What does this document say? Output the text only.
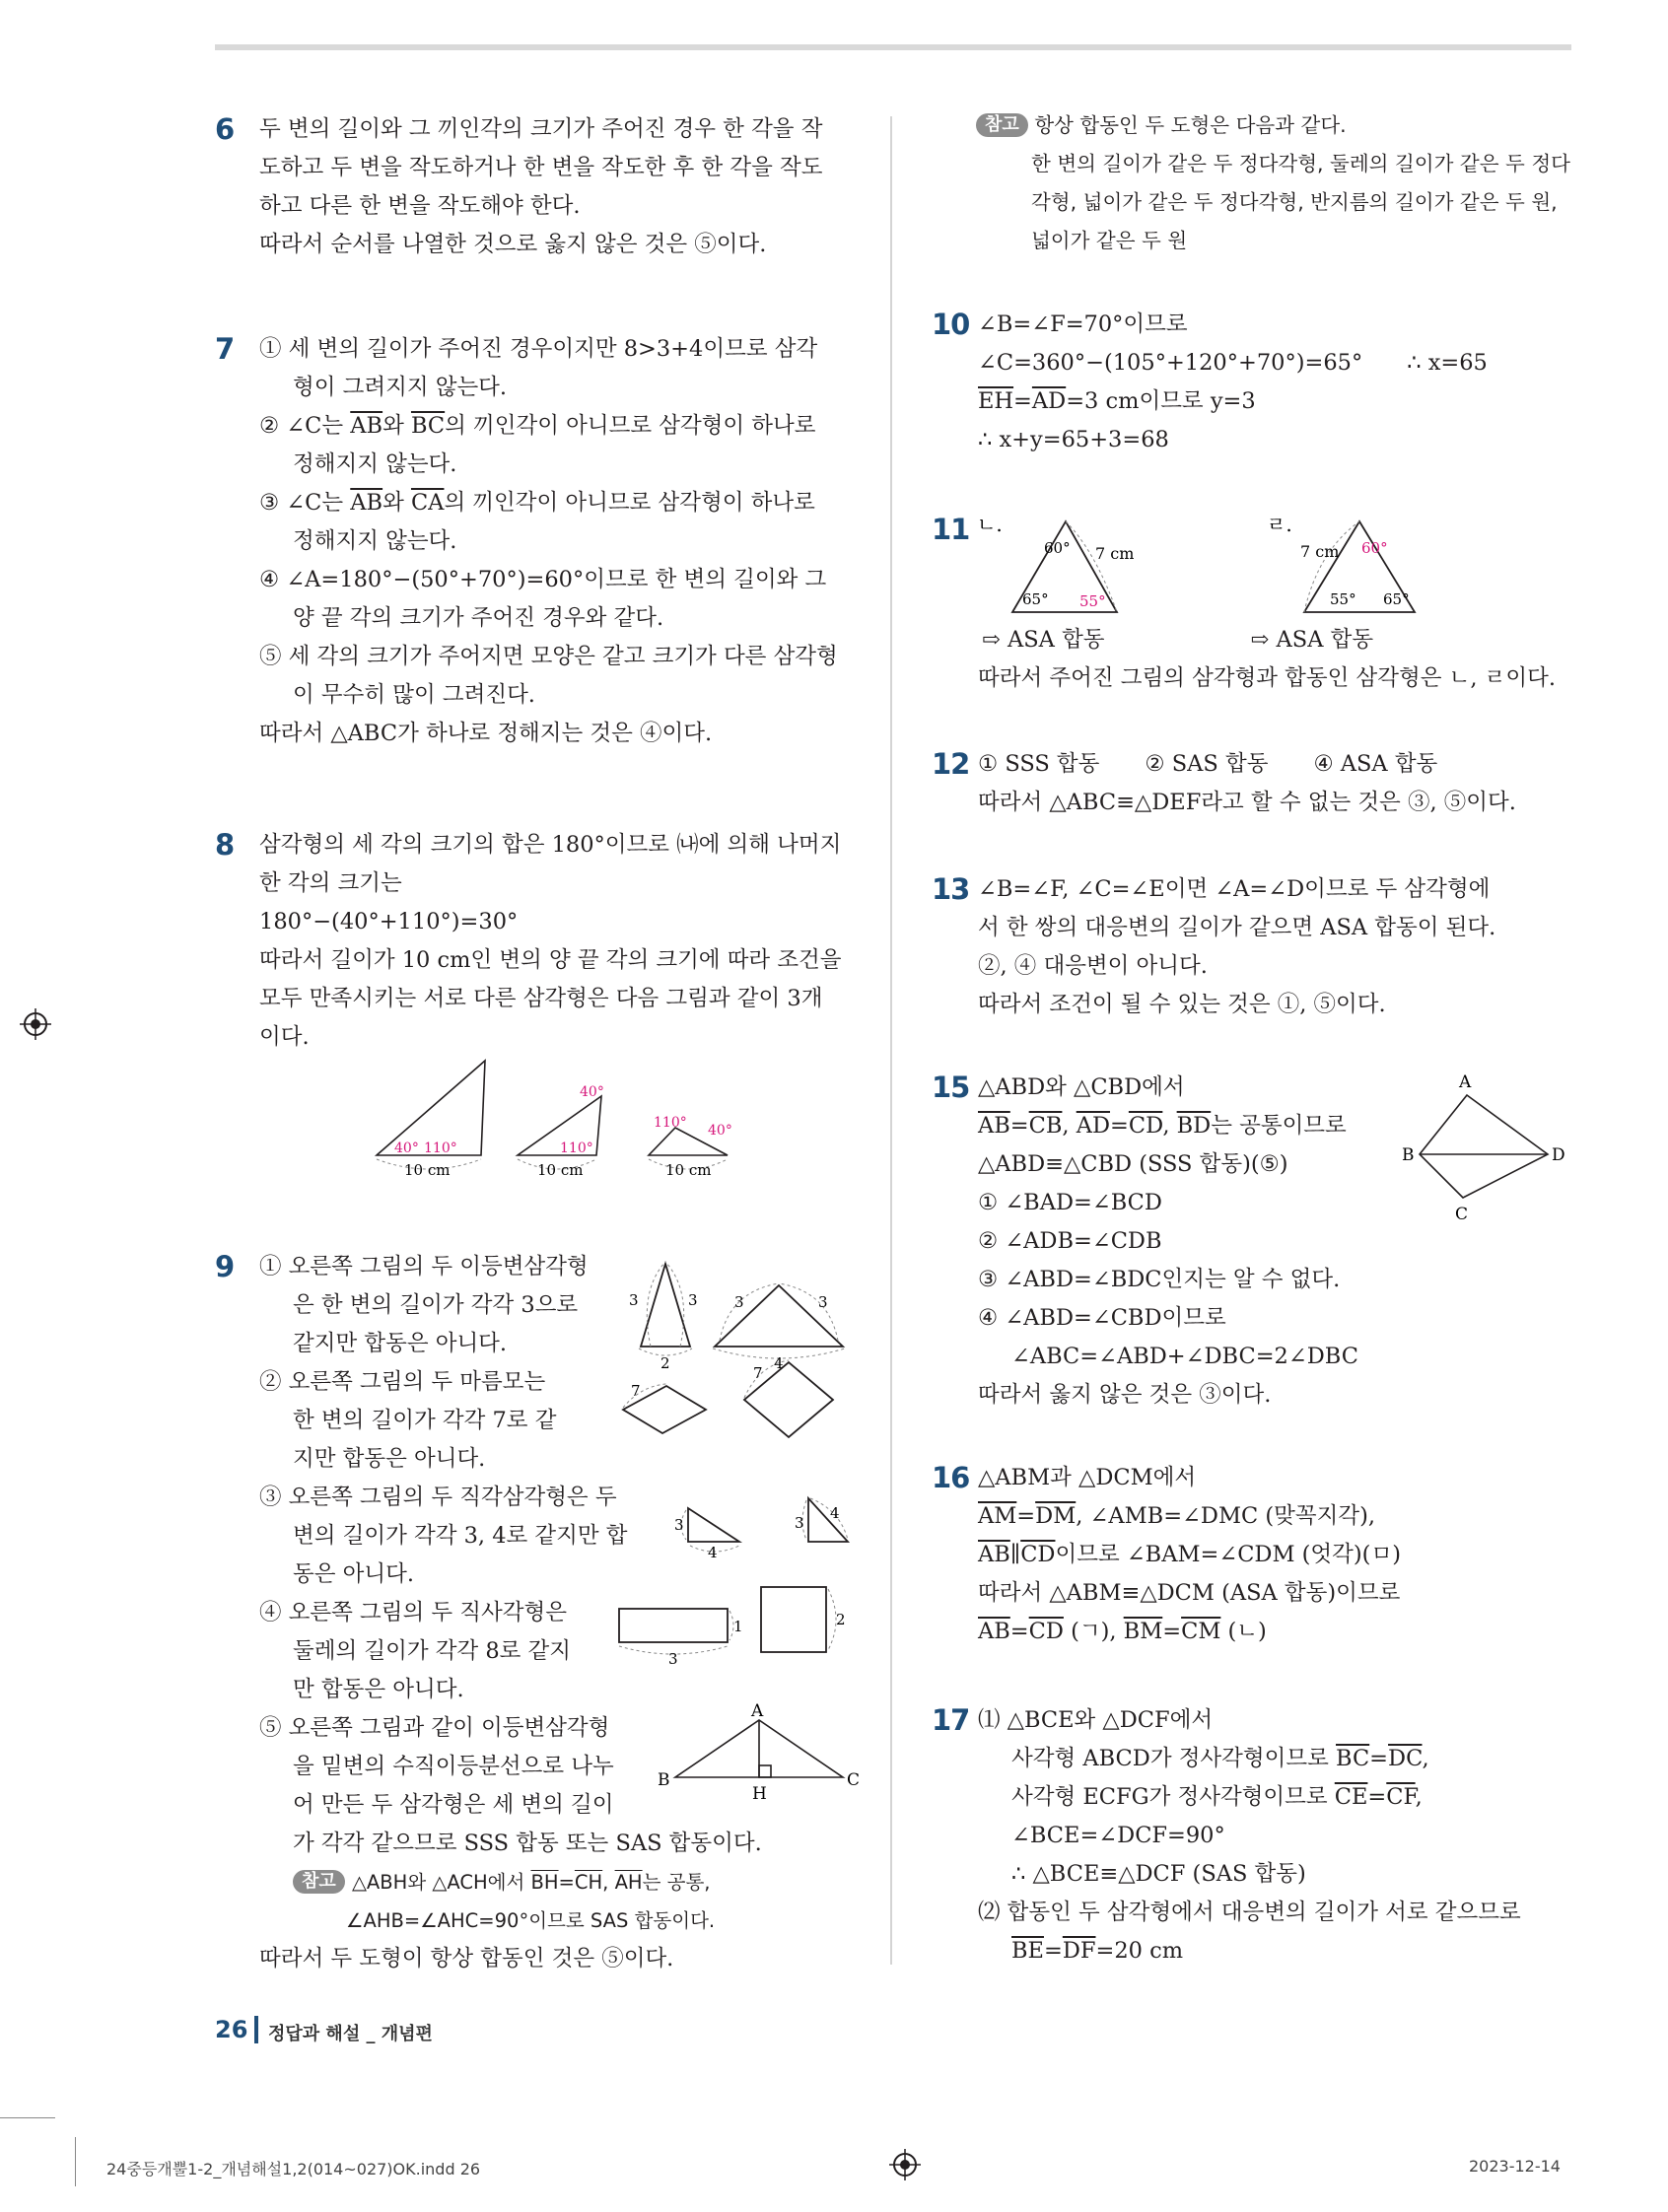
6 두 변의 길이와 그 끼인각의 크기가 주어진 경우 한 각을 작

도하고 두 변을 작도하거나 한 변을 작도한 후 한 각을 작도

하고 다른 한 변을 작도해야 한다.

따라서 순서를 나열한 것으로 옳지 않은 것은 ⑤이다.

7 ① 세 변의 길이가 주어진 경우이지만 8>3+4이므로 삼각

형이 그려지지 않는다.

② ∠C는 $\overline{AB}$와 $\overline{BC}$의 끼인각이 아니므로 삼각형이 하나로

정해지지 않는다.

③ ∠C는 $\overline{AB}$와 $\overline{CA}$의 끼인각이 아니므로 삼각형이 하나로

정해지지 않는다.

④ ∠A=180°−(50°+70°)=60°이므로 한 변의 길이와 그

양 끝 각의 크기가 주어진 경우와 같다.

⑤ 세 각의 크기가 주어지면 모양은 같고 크기가 다른 삼각형

이 무수히 많이 그려진다.

따라서 △ABC가 하나로 정해지는 것은 ④이다.

8 삼각형의 세 각의 크기의 합은 180°이므로 ㈏에 의해 나머지

한 각의 크기는

180°−(40°+110°)=30°

따라서 길이가 10 cm인 변의 양 끝 각의 크기에 따라 조건을

모두 만족시키는 서로 다른 삼각형은 다음 그림과 같이 3개

이다.

40° 110°
10 cm
40°
110°
10 cm
110° 40°
10 cm
9 ① 오른쪽 그림의 두 이등변삼각형

은 한 변의 길이가 각각 3으로

같지만 합동은 아니다.

② 오른쪽 그림의 두 마름모는

한 변의 길이가 각각 7로 같

지만 합동은 아니다.

③ 오른쪽 그림의 두 직각삼각형은 두

변의 길이가 각각 3, 4로 같지만 합

동은 아니다.

④ 오른쪽 그림의 두 직사각형은

둘레의 길이가 각각 8로 같지

만 합동은 아니다.

⑤ 오른쪽 그림과 같이 이등변삼각형

을 밑변의 수직이등분선으로 나누

어 만든 두 삼각형은 세 변의 길이

가 각각 같으므로 SSS 합동 또는 SAS 합동이다.

참고 △ABH와 △ACH에서 $\overline{BH}=\overline{CH}$, $\overline{AH}$는 공통,

∠AHB=∠AHC=90°이므로 SAS 합동이다.

따라서 두 도형이 항상 합동인 것은 ⑤이다.

3	3
2
3	3
4
7
7
3
4
3
4
1
3
2
A
B	C
H

참고 항상 합동인 두 도형은 다음과 같다.

한 변의 길이가 같은 두 정다각형, 둘레의 길이가 같은 두 정다

각형, 넓이가 같은 두 정다각형, 반지름의 길이가 같은 두 원,

넓이가 같은 두 원

10 ∠B=∠F=70°이므로

∠C=360°−(105°+120°+70°)=65° ∴ x=65

$\overline{EH}=\overline{AD}=3$ cm이므로 y=3

∴ x+y=65+3=68

11 ㄴ.	ㄹ.
60°
65° 55°
7 cm	7 cm 60°
55° 65°

⇨ ASA 합동	⇨ ASA 합동

따라서 주어진 그림의 삼각형과 합동인 삼각형은 ㄴ, ㄹ이다.

12 ① SSS 합동 ② SAS 합동 ④ ASA 합동

따라서 △ABC≡△DEF라고 할 수 없는 것은 ③, ⑤이다.

13 ∠B=∠F, ∠C=∠E이면 ∠A=∠D이므로 두 삼각형에

서 한 쌍의 대응변의 길이가 같으면 ASA 합동이 된다.

②, ④ 대응변이 아니다.

따라서 조건이 될 수 있는 것은 ①, ⑤이다.

15 △ABD와 △CBD에서

$\overline{AB}=\overline{CB}$, $\overline{AD}=\overline{CD}$, $\overline{BD}$는 공통이므로

△ABD≡△CBD (SSS 합동)(⑤)

① ∠BAD=∠BCD

② ∠ADB=∠CDB

③ ∠ABD=∠BDC인지는 알 수 없다.

④ ∠ABD=∠CBD이므로

∠ABC=∠ABD+∠DBC=2∠DBC

따라서 옳지 않은 것은 ③이다.

A
B
C
D
16 △ABM과 △DCM에서

$\overline{AM}=\overline{DM}$, ∠AMB=∠DMC (맞꼭지각),

$\overline{AB}\parallel\overline{CD}$이므로 ∠BAM=∠CDM (엇각)(ㅁ)

따라서 △ABM≡△DCM (ASA 합동)이므로

$\overline{AB}=\overline{CD}$ (ㄱ), $\overline{BM}=\overline{CM}$ (ㄴ)

17 ⑴ △BCE와 △DCF에서

사각형 ABCD가 정사각형이므로 $\overline{BC}=\overline{DC}$,

사각형 ECFG가 정사각형이므로 $\overline{CE}=\overline{CF}$,

∠BCE=∠DCF=90°

∴ △BCE≡△DCF (SAS 합동)

⑵ 합동인 두 삼각형에서 대응변의 길이가 서로 같으므로

$\overline{BE}=\overline{DF}=20$ cm

26 정답과 해설 _ 개념편
24중등개뿔1-2_개념해설1,2(014~027)OK.indd 26	2023-12-14
